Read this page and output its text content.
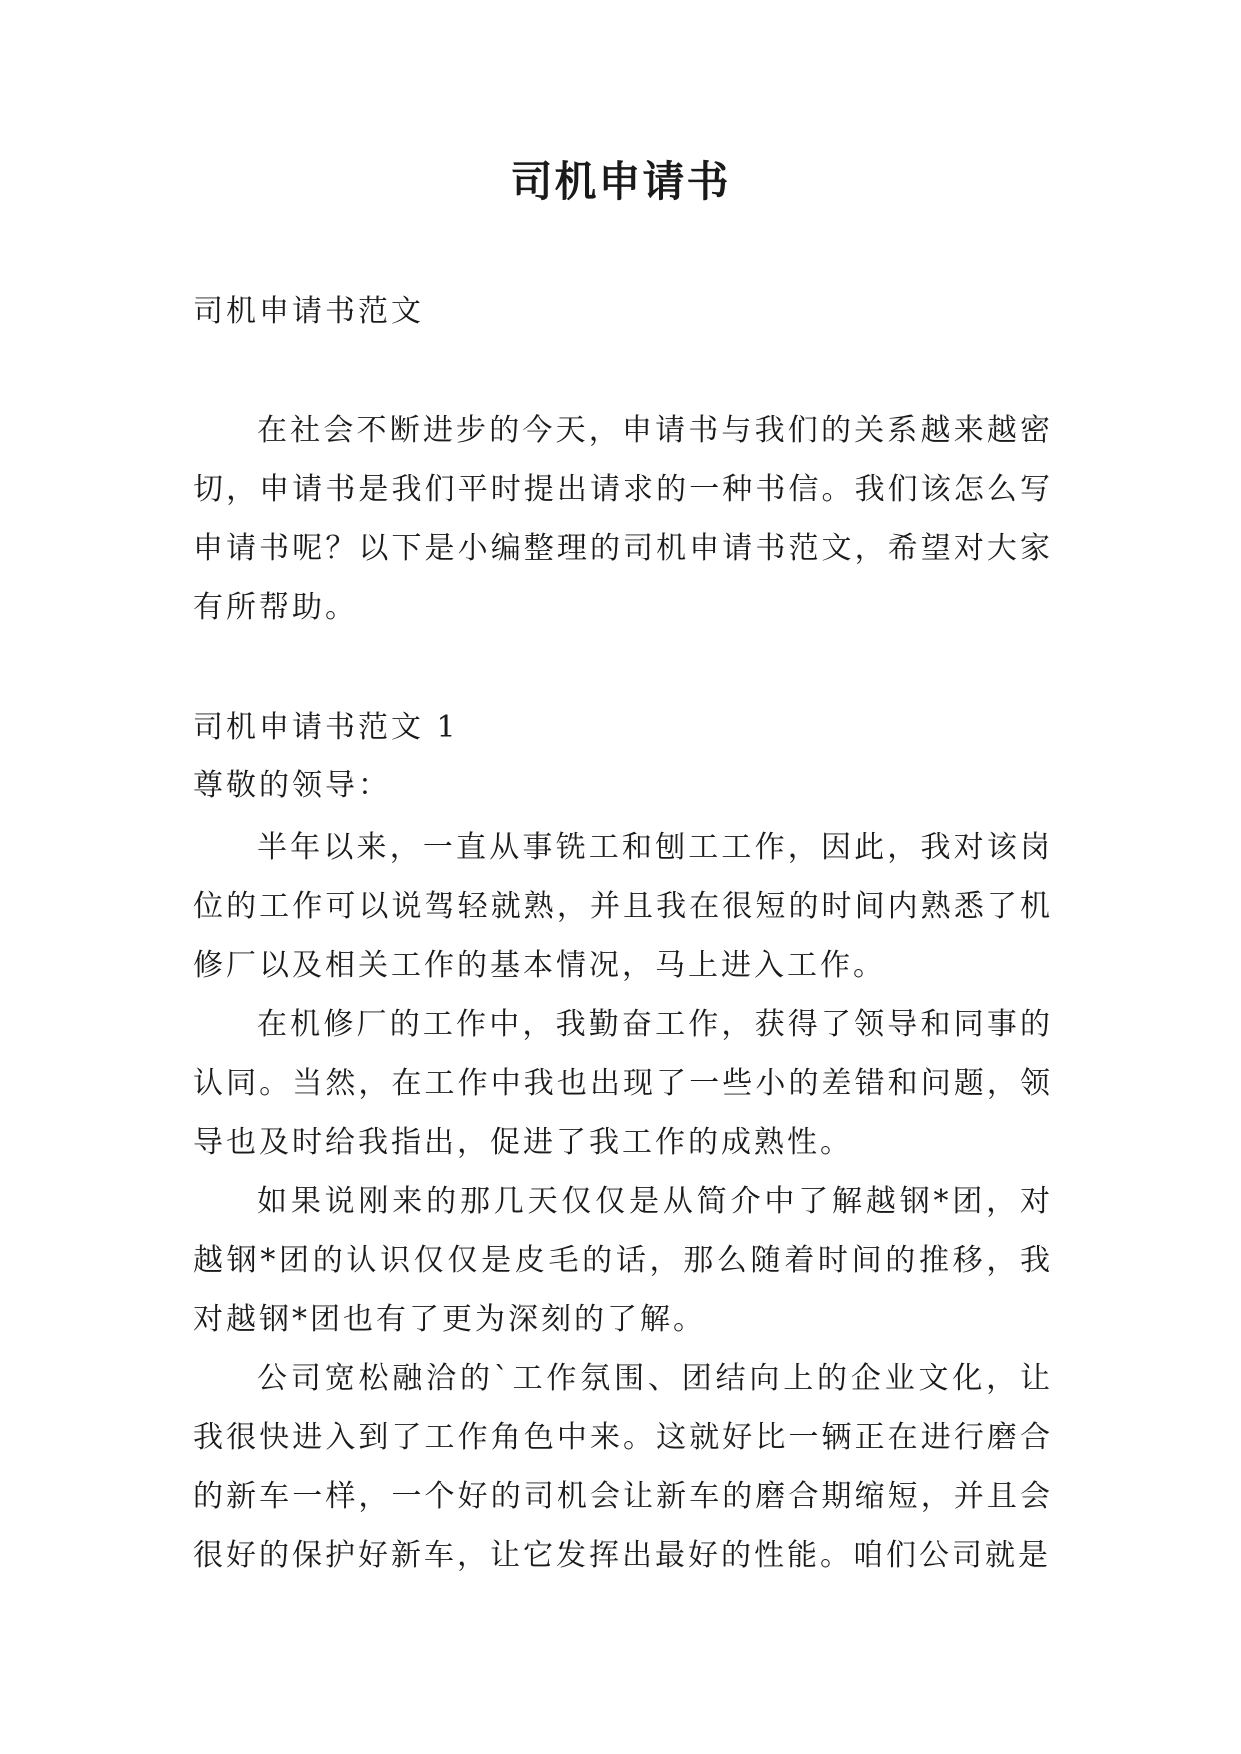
司机申请书

司机申请书范文

在社会不断进步的今天，申请书与我们的关系越来越密切，申请书是我们平时提出请求的一种书信。我们该怎么写申请书呢？以下是小编整理的司机申请书范文，希望对大家有所帮助。

司机申请书范文 1

尊敬的领导：

半年以来，一直从事铣工和刨工工作，因此，我对该岗位的工作可以说驾轻就熟，并且我在很短的时间内熟悉了机修厂以及相关工作的基本情况，马上进入工作。

在机修厂的工作中，我勤奋工作，获得了领导和同事的认同。当然，在工作中我也出现了一些小的差错和问题，领导也及时给我指出，促进了我工作的成熟性。

如果说刚来的那几天仅仅是从简介中了解越钢*团，对越钢*团的认识仅仅是皮毛的话，那么随着时间的推移，我对越钢*团也有了更为深刻的了解。

公司宽松融洽的`工作氛围、团结向上的企业文化，让我很快进入到了工作角色中来。这就好比一辆正在进行磨合的新车一样，一个好的司机会让新车的磨合期缩短，并且会很好的保护好新车，让它发挥出最好的性能。咱们公司就是
